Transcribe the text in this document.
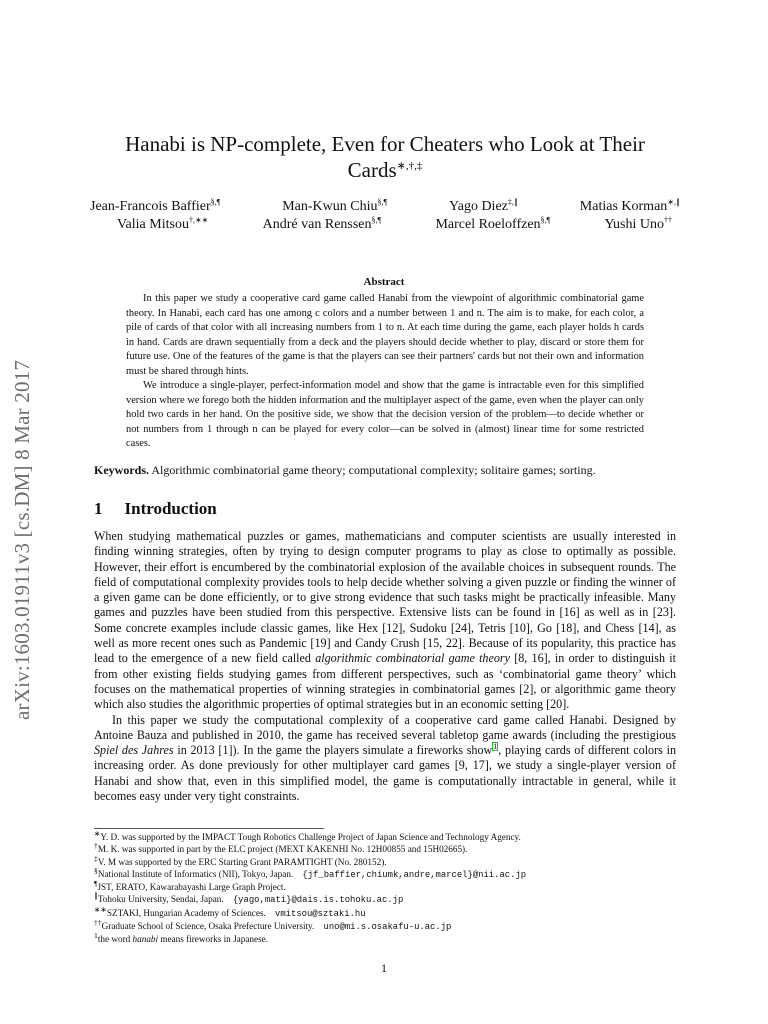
arXiv:1603.01911v3 [cs.DM] 8 Mar 2017
Hanabi is NP-complete, Even for Cheaters who Look at Their Cards∗,†,‡
Jean-Francois Baffier§,¶	Man-Kwun Chiu§,¶	Yago Diez‡,∥	Matias Korman∗,∥
Valia Mitsou†,∗∗	André van Renssen§,¶	Marcel Roeloffzen§,¶	Yushi Uno††
Abstract

In this paper we study a cooperative card game called Hanabi from the viewpoint of algorithmic combinatorial game theory. In Hanabi, each card has one among c colors and a number between 1 and n. The aim is to make, for each color, a pile of cards of that color with all increasing numbers from 1 to n. At each time during the game, each player holds h cards in hand. Cards are drawn sequentially from a deck and the players should decide whether to play, discard or store them for future use. One of the features of the game is that the players can see their partners' cards but not their own and information must be shared through hints.

We introduce a single-player, perfect-information model and show that the game is intractable even for this simplified version where we forego both the hidden information and the multiplayer aspect of the game, even when the player can only hold two cards in her hand. On the positive side, we show that the decision version of the problem—to decide whether or not numbers from 1 through n can be played for every color—can be solved in (almost) linear time for some restricted cases.

Keywords. Algorithmic combinatorial game theory; computational complexity; solitaire games; sorting.
1 Introduction

When studying mathematical puzzles or games, mathematicians and computer scientists are usually interested in finding winning strategies, often by trying to design computer programs to play as close to optimally as possible. However, their effort is encumbered by the combinatorial explosion of the available choices in subsequent rounds. The field of computational complexity provides tools to help decide whether solving a given puzzle or finding the winner of a given game can be done efficiently, or to give strong evidence that such tasks might be practically infeasible. Many games and puzzles have been studied from this perspective. Extensive lists can be found in [16] as well as in [23]. Some concrete examples include classic games, like Hex [12], Sudoku [24], Tetris [10], Go [18], and Chess [14], as well as more recent ones such as Pandemic [19] and Candy Crush [15, 22]. Because of its popularity, this practice has lead to the emergence of a new field called algorithmic combinatorial game theory [8, 16], in order to distinguish it from other existing fields studying games from different perspectives, such as ‘combinatorial game theory’ which focuses on the mathematical properties of winning strategies in combinatorial games [2], or algorithmic game theory which also studies the algorithmic properties of optimal strategies but in an economic setting [20].

In this paper we study the computational complexity of a cooperative card game called Hanabi. Designed by Antoine Bauza and published in 2010, the game has received several tabletop game awards (including the prestigious Spiel des Jahres in 2013 [1]). In the game the players simulate a fireworks show$^1$, playing cards of different colors in increasing order. As done previously for other multiplayer card games [9, 17], we study a single-player version of Hanabi and show that, even in this simplified model, the game is computationally intractable in general, while it becomes easy under very tight constraints.

∗Y. D. was supported by the IMPACT Tough Robotics Challenge Project of Japan Science and Technology Agency.
†M. K. was supported in part by the ELC project (MEXT KAKENHI No. 12H00855 and 15H02665).
‡V. M was supported by the ERC Starting Grant PARAMTIGHT (No. 280152).
§National Institute of Informatics (NII), Tokyo, Japan. {jf_baffier,chiumk,andre,marcel}@nii.ac.jp
¶JST, ERATO, Kawarabayashi Large Graph Project.
∥Tohoku University, Sendai, Japan. {yago,mati}@dais.is.tohoku.ac.jp
∗∗SZTAKI, Hungarian Academy of Sciences. vmitsou@sztaki.hu
††Graduate School of Science, Osaka Prefecture University. uno@mi.s.osakafu-u.ac.jp
$^1$the word hanabi means fireworks in Japanese.
1
